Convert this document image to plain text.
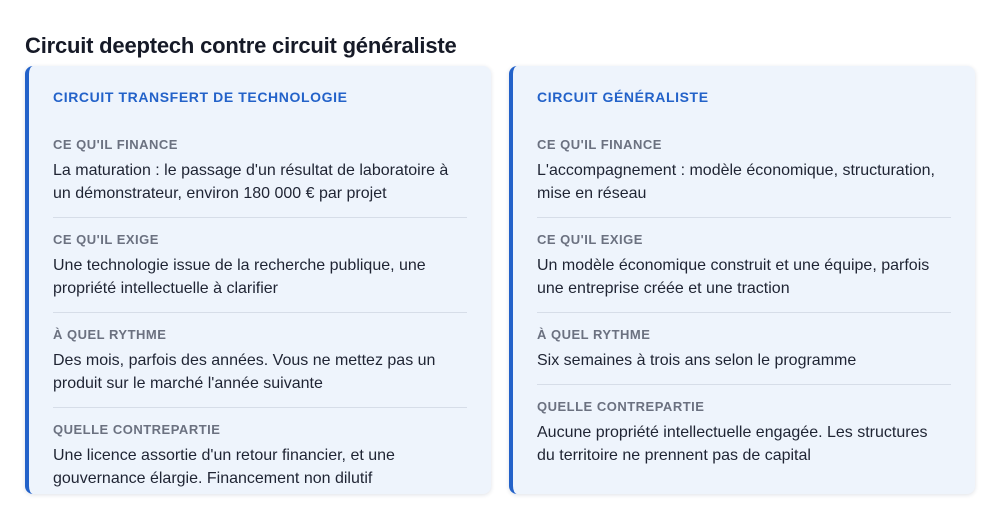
Circuit deeptech contre circuit généraliste
CIRCUIT TRANSFERT DE TECHNOLOGIE
CE QU'IL FINANCE
La maturation : le passage d'un résultat de laboratoire à un démonstrateur, environ 180 000 € par projet
CE QU'IL EXIGE
Une technologie issue de la recherche publique, une propriété intellectuelle à clarifier
À QUEL RYTHME
Des mois, parfois des années. Vous ne mettez pas un produit sur le marché l'année suivante
QUELLE CONTREPARTIE
Une licence assortie d'un retour financier, et une gouvernance élargie. Financement non dilutif
CIRCUIT GÉNÉRALISTE
CE QU'IL FINANCE
L'accompagnement : modèle économique, structuration, mise en réseau
CE QU'IL EXIGE
Un modèle économique construit et une équipe, parfois une entreprise créée et une traction
À QUEL RYTHME
Six semaines à trois ans selon le programme
QUELLE CONTREPARTIE
Aucune propriété intellectuelle engagée. Les structures du territoire ne prennent pas de capital
